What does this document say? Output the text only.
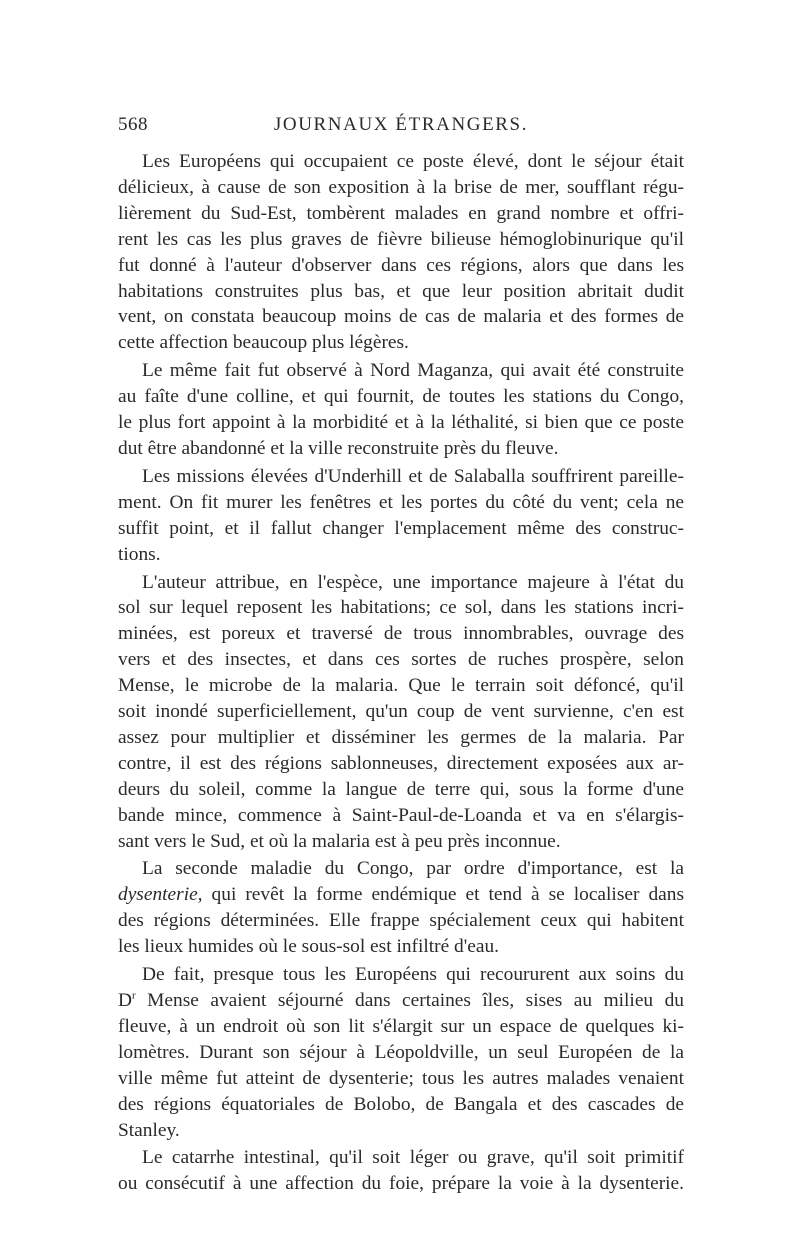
568	JOURNAUX ÉTRANGERS.

Les Européens qui occupaient ce poste élevé, dont le séjour était
délicieux, à cause de son exposition à la brise de mer, soufflant régu-
lièrement du Sud-Est, tombèrent malades en grand nombre et offri-
rent les cas les plus graves de fièvre bilieuse hémoglobinurique qu'il
fut donné à l'auteur d'observer dans ces régions, alors que dans les
habitations construites plus bas, et que leur position abritait dudit
vent, on constata beaucoup moins de cas de malaria et des formes de
cette affection beaucoup plus légères.

Le même fait fut observé à Nord Maganza, qui avait été construite
au faîte d'une colline, et qui fournit, de toutes les stations du Congo,
le plus fort appoint à la morbidité et à la léthalité, si bien que ce poste
dut être abandonné et la ville reconstruite près du fleuve.

Les missions élevées d'Underhill et de Salaballa souffrirent pareille-
ment. On fit murer les fenêtres et les portes du côté du vent; cela ne
suffit point, et il fallut changer l'emplacement même des construc-
tions.

L'auteur attribue, en l'espèce, une importance majeure à l'état du
sol sur lequel reposent les habitations; ce sol, dans les stations incri-
minées, est poreux et traversé de trous innombrables, ouvrage des
vers et des insectes, et dans ces sortes de ruches prospère, selon
Mense, le microbe de la malaria. Que le terrain soit défoncé, qu'il
soit inondé superficiellement, qu'un coup de vent survienne, c'en est
assez pour multiplier et disséminer les germes de la malaria. Par
contre, il est des régions sablonneuses, directement exposées aux ar-
deurs du soleil, comme la langue de terre qui, sous la forme d'une
bande mince, commence à Saint-Paul-de-Loanda et va en s'élargis-
sant vers le Sud, et où la malaria est à peu près inconnue.

La seconde maladie du Congo, par ordre d'importance, est la
dysenterie, qui revêt la forme endémique et tend à se localiser dans
des régions déterminées. Elle frappe spécialement ceux qui habitent
les lieux humides où le sous-sol est infiltré d'eau.

De fait, presque tous les Européens qui recoururent aux soins du
$D^r$ Mense avaient séjourné dans certaines îles, sises au milieu du
fleuve, à un endroit où son lit s'élargit sur un espace de quelques ki-
lomètres. Durant son séjour à Léopoldville, un seul Européen de la
ville même fut atteint de dysenterie; tous les autres malades venaient
des régions équatoriales de Bolobo, de Bangala et des cascades de
Stanley.

Le catarrhe intestinal, qu'il soit léger ou grave, qu'il soit primitif
ou consécutif à une affection du foie, prépare la voie à la dysenterie.
